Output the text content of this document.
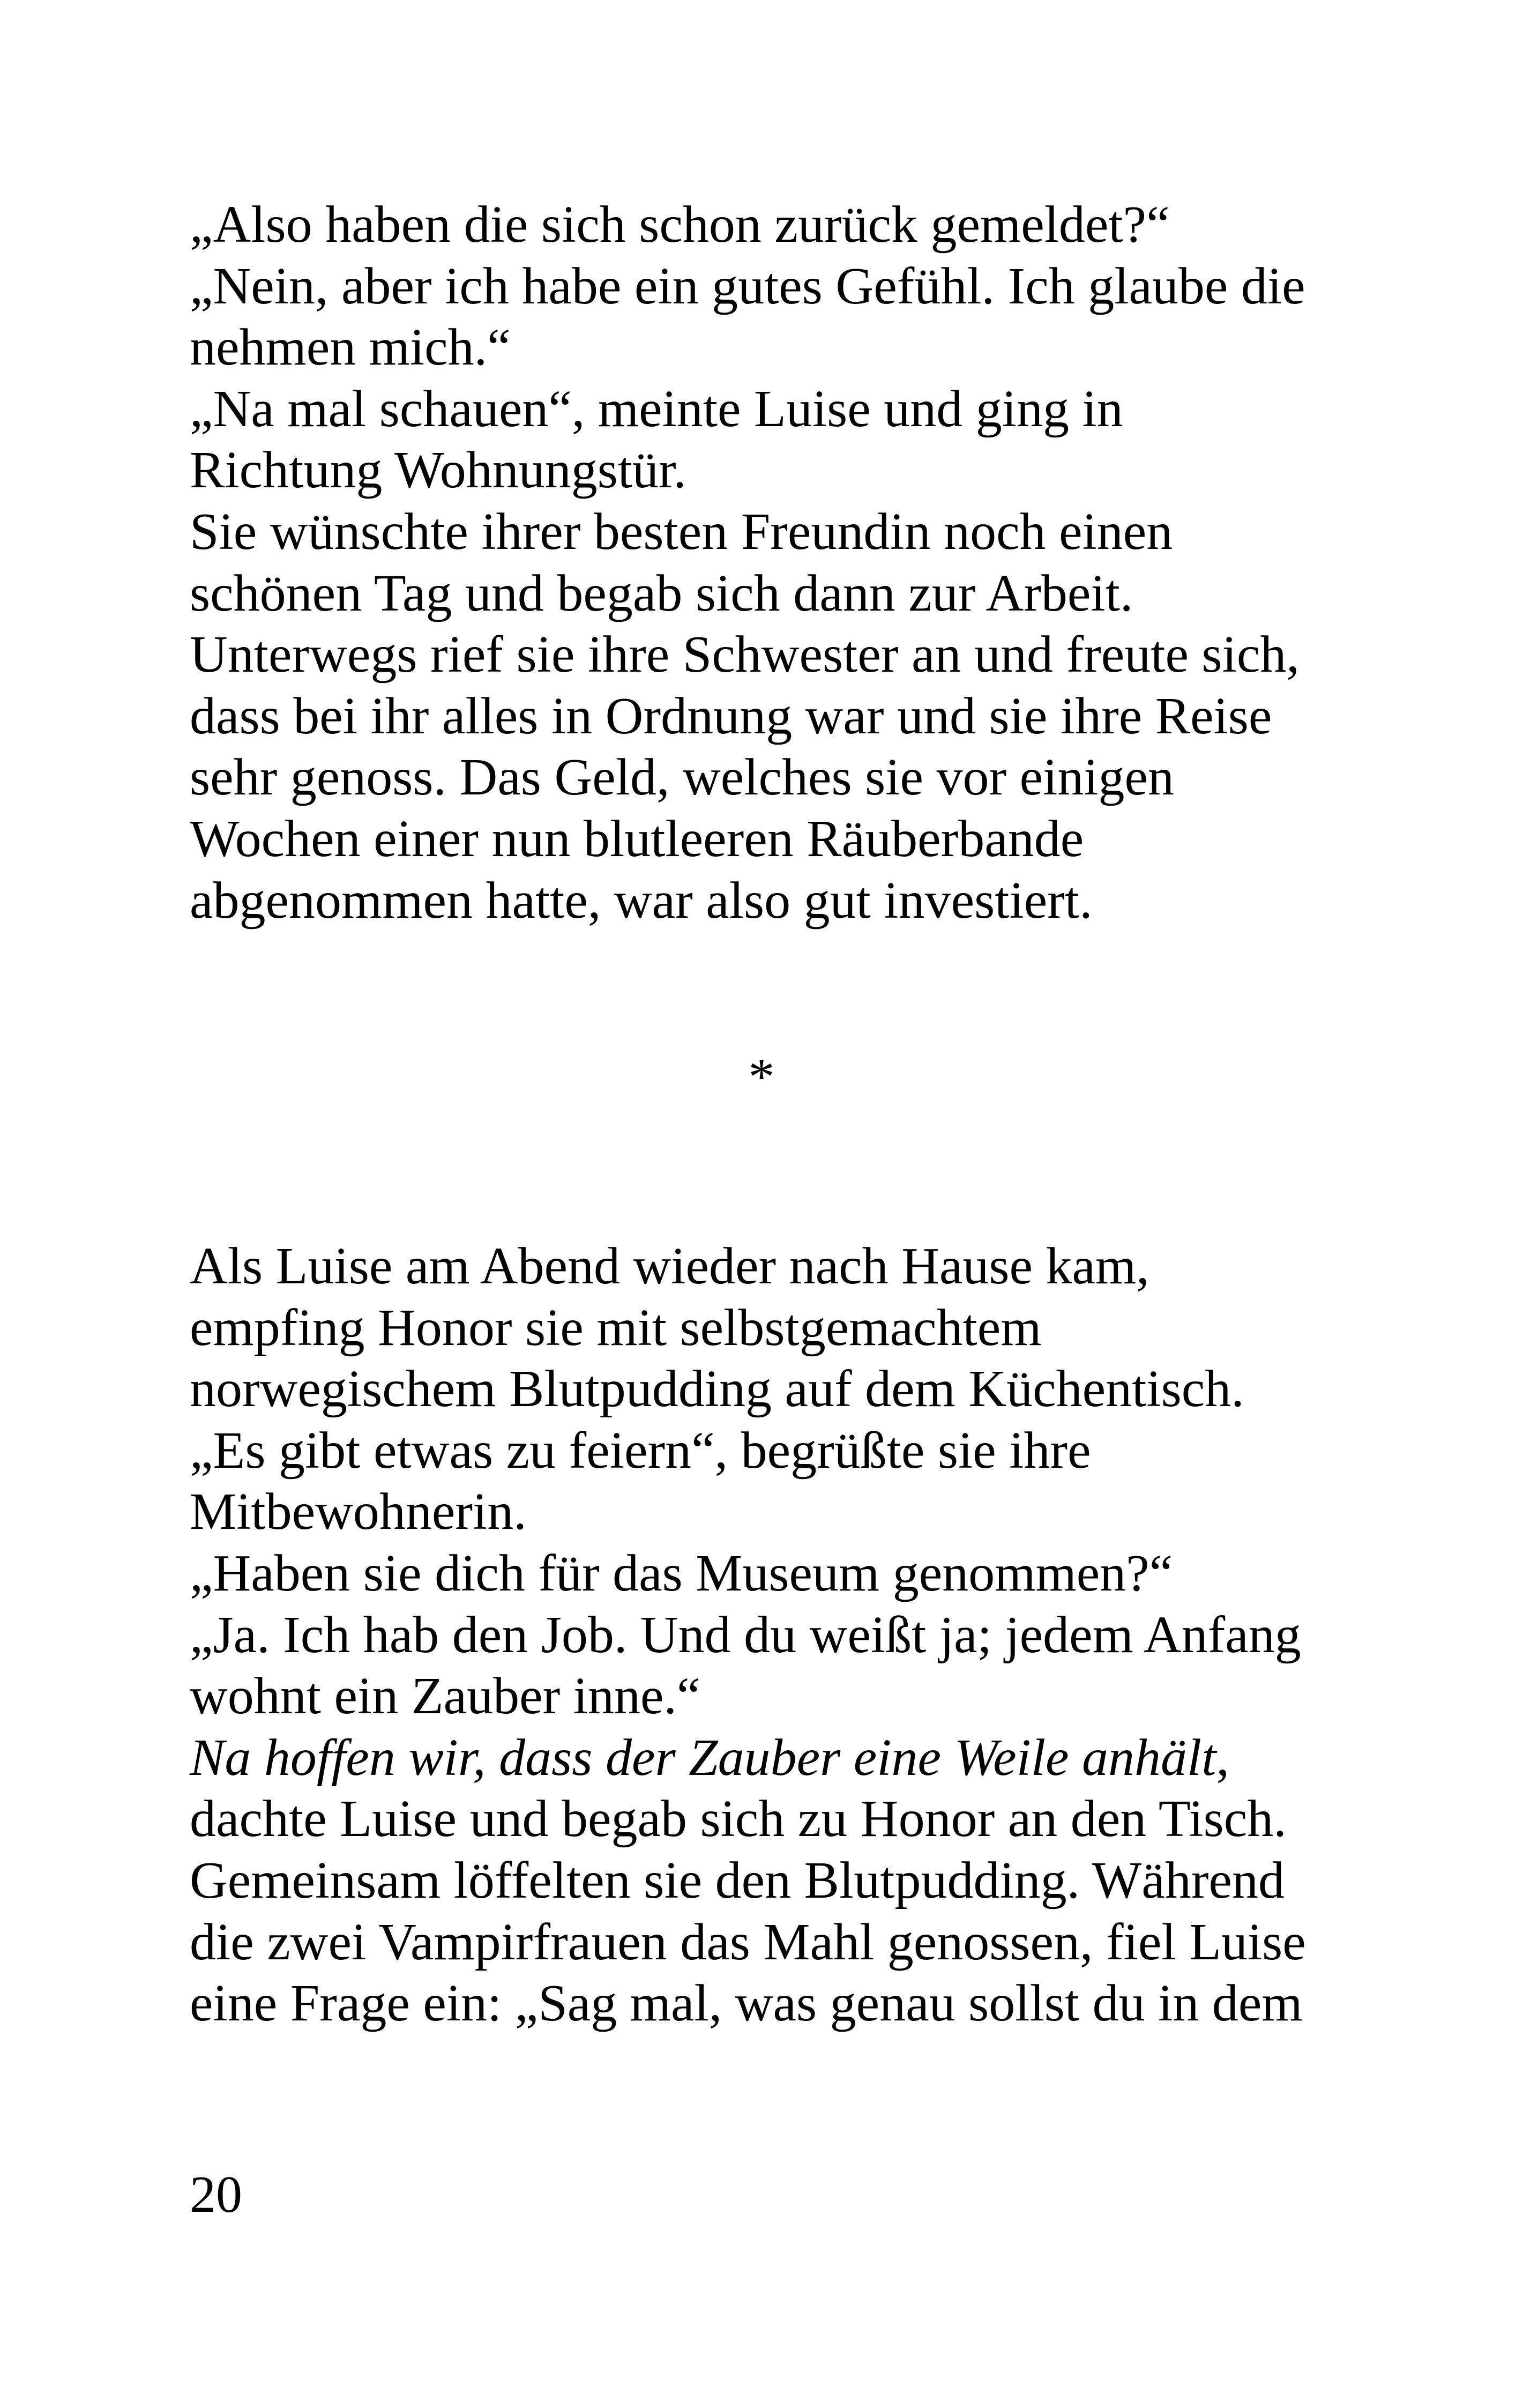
„Also haben die sich schon zurück gemeldet?“
„Nein, aber ich habe ein gutes Gefühl. Ich glaube die
nehmen mich.“
„Na mal schauen“, meinte Luise und ging in
Richtung Wohnungstür.
Sie wünschte ihrer besten Freundin noch einen
schönen Tag und begab sich dann zur Arbeit.
Unterwegs rief sie ihre Schwester an und freute sich,
dass bei ihr alles in Ordnung war und sie ihre Reise
sehr genoss. Das Geld, welches sie vor einigen
Wochen einer nun blutleeren Räuberbande
abgenommen hatte, war also gut investiert.
*
Als Luise am Abend wieder nach Hause kam,
empfing Honor sie mit selbstgemachtem
norwegischem Blutpudding auf dem Küchentisch.
„Es gibt etwas zu feiern“, begrüßte sie ihre
Mitbewohnerin.
„Haben sie dich für das Museum genommen?“
„Ja. Ich hab den Job. Und du weißt ja; jedem Anfang
wohnt ein Zauber inne.“
Na hoffen wir, dass der Zauber eine Weile anhält,
dachte Luise und begab sich zu Honor an den Tisch.
Gemeinsam löffelten sie den Blutpudding. Während
die zwei Vampirfrauen das Mahl genossen, fiel Luise
eine Frage ein: „Sag mal, was genau sollst du in dem
20
